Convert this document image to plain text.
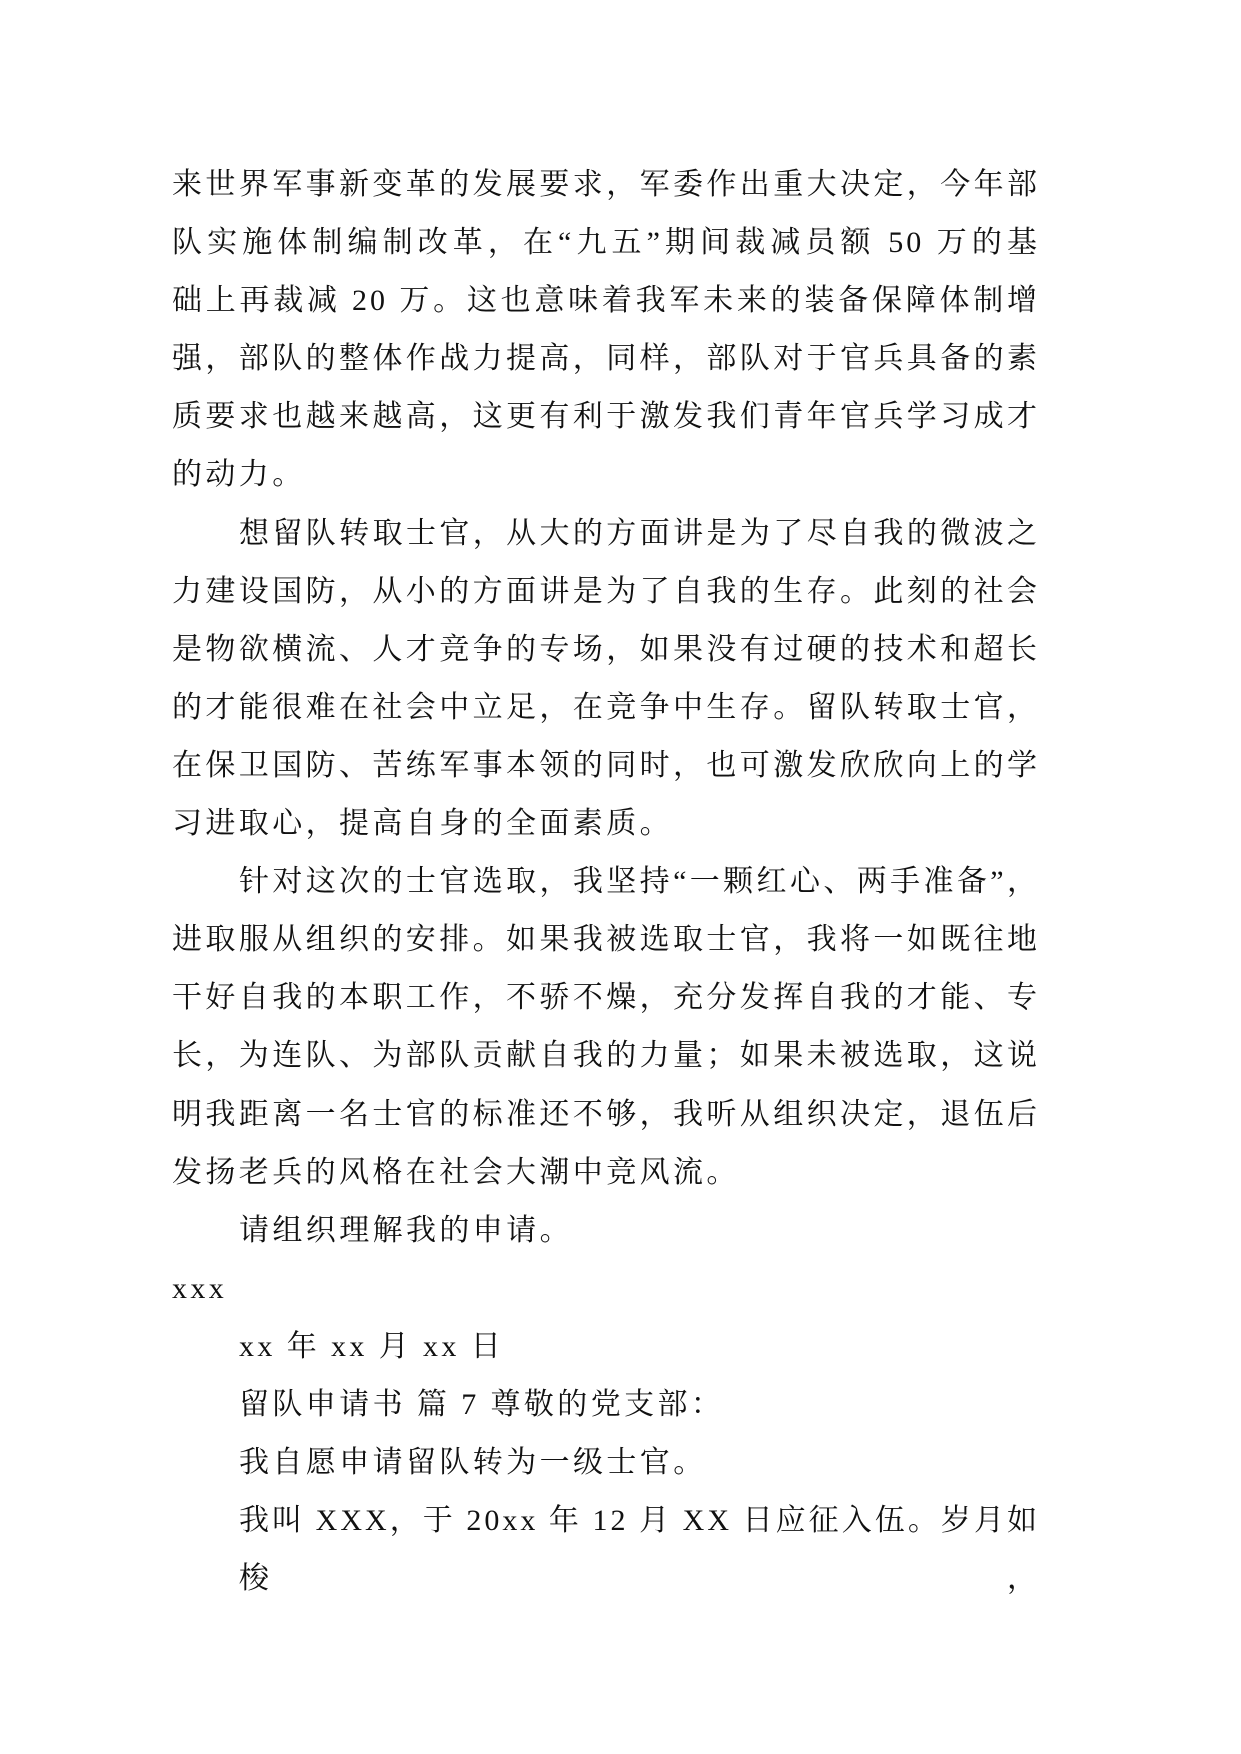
来世界军事新变革的发展要求，军委作出重大决定，今年部
队实施体制编制改革，在“九五”期间裁减员额 50 万的基
础上再裁减 20 万。这也意味着我军未来的装备保障体制增
强，部队的整体作战力提高，同样，部队对于官兵具备的素
质要求也越来越高，这更有利于激发我们青年官兵学习成才
的动力。
想留队转取士官，从大的方面讲是为了尽自我的微波之
力建设国防，从小的方面讲是为了自我的生存。此刻的社会
是物欲横流、人才竞争的专场，如果没有过硬的技术和超长
的才能很难在社会中立足，在竞争中生存。留队转取士官，
在保卫国防、苦练军事本领的同时，也可激发欣欣向上的学
习进取心，提高自身的全面素质。
针对这次的士官选取，我坚持“一颗红心、两手准备”，
进取服从组织的安排。如果我被选取士官，我将一如既往地
干好自我的本职工作，不骄不燥，充分发挥自我的才能、专
长，为连队、为部队贡献自我的力量；如果未被选取，这说
明我距离一名士官的标准还不够，我听从组织决定，退伍后
发扬老兵的风格在社会大潮中竞风流。
请组织理解我的申请。
xxx
xx 年 xx 月 xx 日
留队申请书 篇 7 尊敬的党支部：
我自愿申请留队转为一级士官。
我叫 XXX，于 20xx 年 12 月 XX 日应征入伍。岁月如梭，
